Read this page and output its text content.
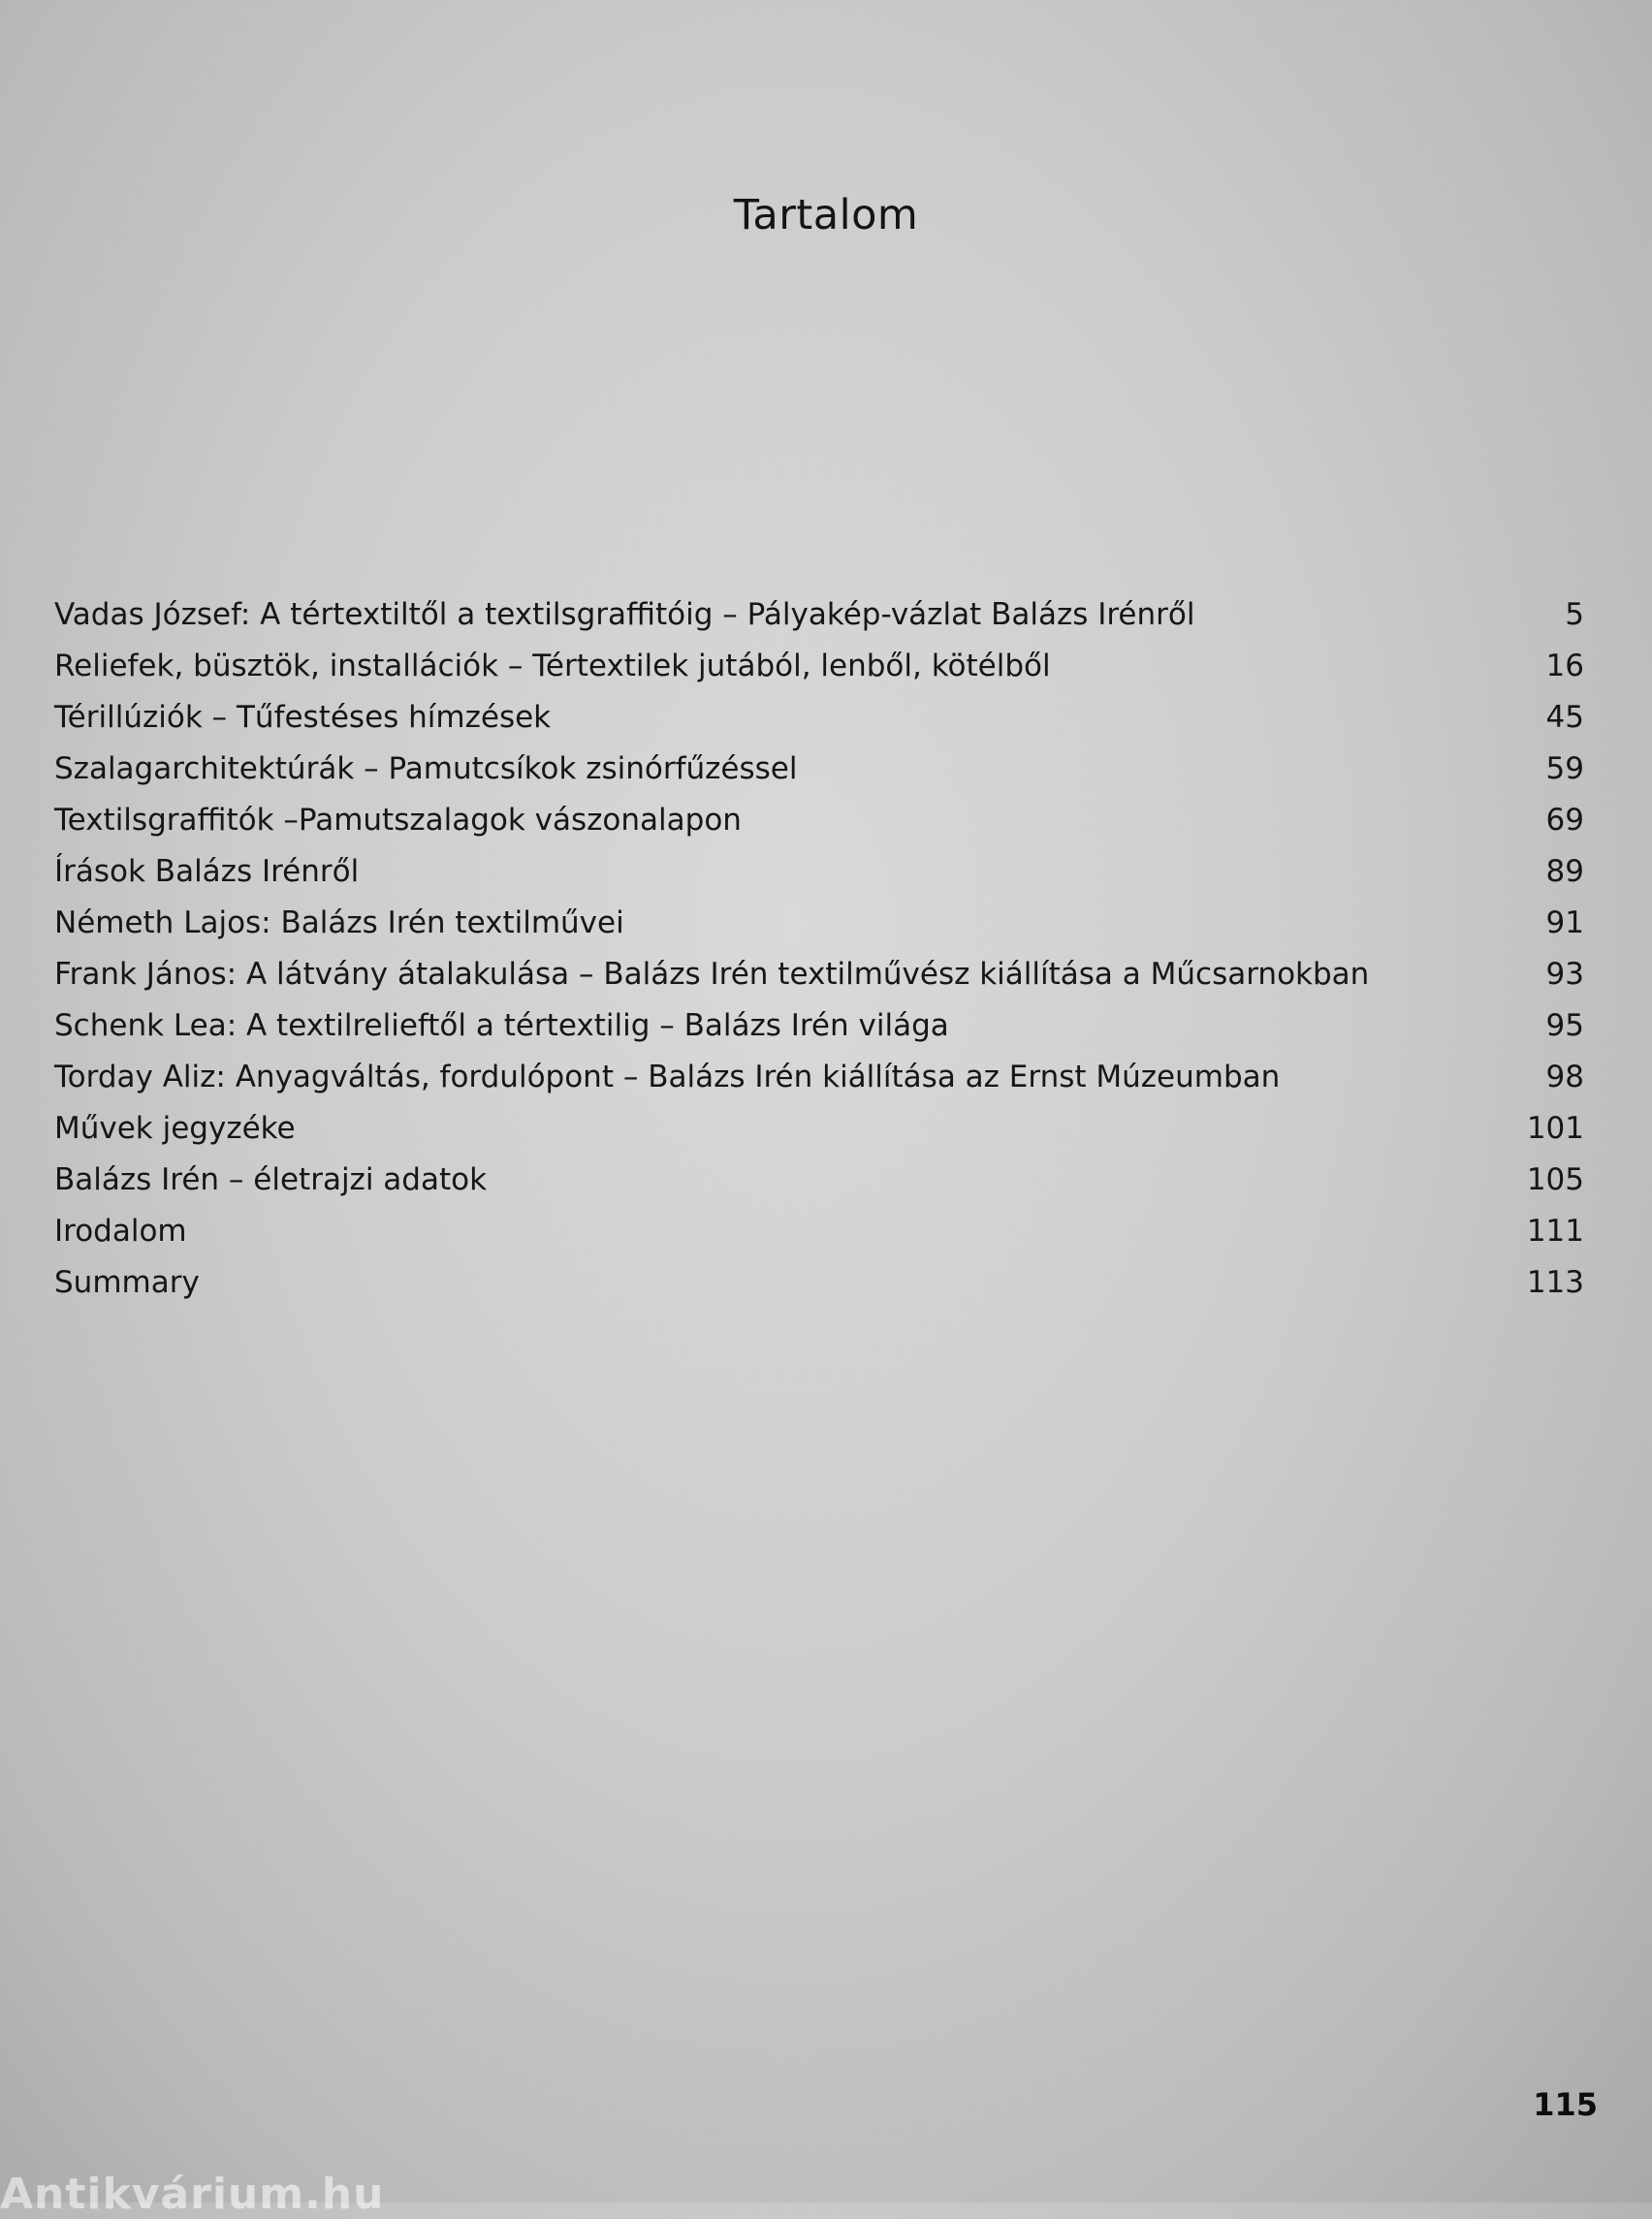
Tartalom
Vadas József: A tértextiltől a textilsgraffitóig – Pályakép-vázlat Balázs Irénről	5
Reliefek, büsztök, installációk – Tértextilek jutából, lenből, kötélből	16
Térillúziók – Tűfestéses hímzések	45
Szalagarchitektúrák – Pamutcsíkok zsinórfűzéssel	59
Textilsgraffitók –Pamutszalagok vászonalapon	69
Írások Balázs Irénről	89
Németh Lajos: Balázs Irén textilművei	91
Frank János: A látvány átalakulása – Balázs Irén textilművész kiállítása a Műcsarnokban	93
Schenk Lea: A textilrelieftől a tértextilig – Balázs Irén világa	95
Torday Aliz: Anyagváltás, fordulópont – Balázs Irén kiállítása az Ernst Múzeumban	98
Művek jegyzéke	101
Balázs Irén – életrajzi adatok	105
Irodalom	111
Summary	113
115
Antikvárium.hu
